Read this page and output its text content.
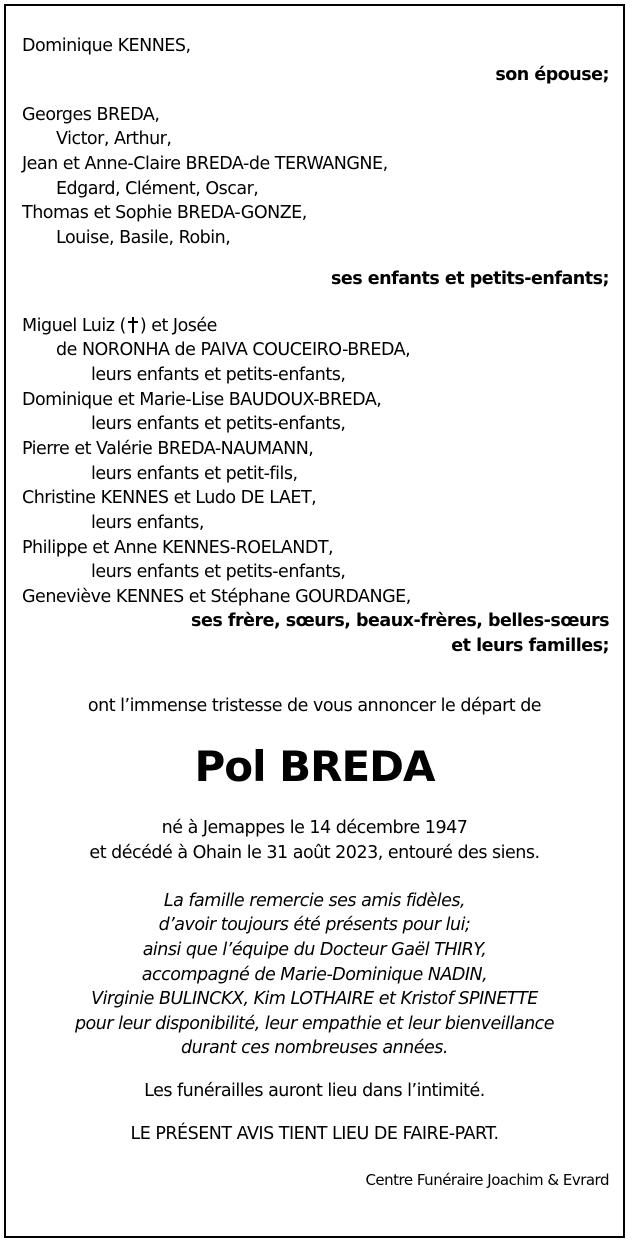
Dominique KENNES,
son épouse;
Georges BREDA,
Victor, Arthur,
Jean et Anne-Claire BREDA-de TERWANGNE,
Edgard, Clément, Oscar,
Thomas et Sophie BREDA-GONZE,
Louise, Basile, Robin,
ses enfants et petits-enfants;
Miguel Luiz ( ) et Josée
de NORONHA de PAIVA COUCEIRO-BREDA,
leurs enfants et petits-enfants,
Dominique et Marie-Lise BAUDOUX-BREDA,
leurs enfants et petits-enfants,
Pierre et Valérie BREDA-NAUMANN,
leurs enfants et petit-fils,
Christine KENNES et Ludo DE LAET,
leurs enfants,
Philippe et Anne KENNES-ROELANDT,
leurs enfants et petits-enfants,
Geneviève KENNES et Stéphane GOURDANGE,
ses frère, sœurs, beaux-frères, belles-sœurs
et leurs familles;
ont l’immense tristesse de vous annoncer le départ de
Pol BREDA
né à Jemappes le 14 décembre 1947
et décédé à Ohain le 31 août 2023, entouré des siens.
La famille remercie ses amis fidèles,
d’avoir toujours été présents pour lui;
ainsi que l’équipe du Docteur Gaël THIRY,
accompagné de Marie-Dominique NADIN,
Virginie BULINCKX, Kim LOTHAIRE et Kristof SPINETTE
pour leur disponibilité, leur empathie et leur bienveillance
durant ces nombreuses années.
Les funérailles auront lieu dans l’intimité.
LE PRÉSENT AVIS TIENT LIEU DE FAIRE-PART.
Centre Funéraire Joachim & Evrard
